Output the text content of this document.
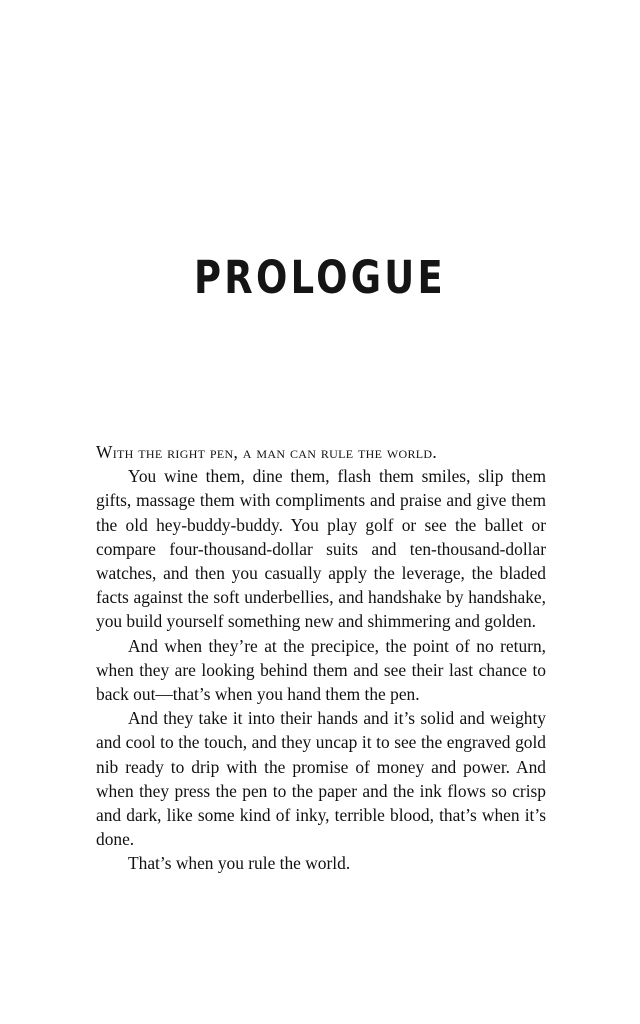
PROLOGUE

With the right pen, a man can rule the world.

You wine them, dine them, flash them smiles, slip them gifts, massage them with compliments and praise and give them the old hey-buddy-buddy. You play golf or see the ballet or compare four-thousand-dollar suits and ten-thousand-dollar watches, and then you casually apply the leverage, the bladed facts against the soft underbellies, and handshake by handshake, you build yourself something new and shimmering and golden.

And when they’re at the precipice, the point of no return, when they are looking behind them and see their last chance to back out—that’s when you hand them the pen.

And they take it into their hands and it’s solid and weighty and cool to the touch, and they uncap it to see the engraved gold nib ready to drip with the promise of money and power. And when they press the pen to the paper and the ink flows so crisp and dark, like some kind of inky, terrible blood, that’s when it’s done.

That’s when you rule the world.
